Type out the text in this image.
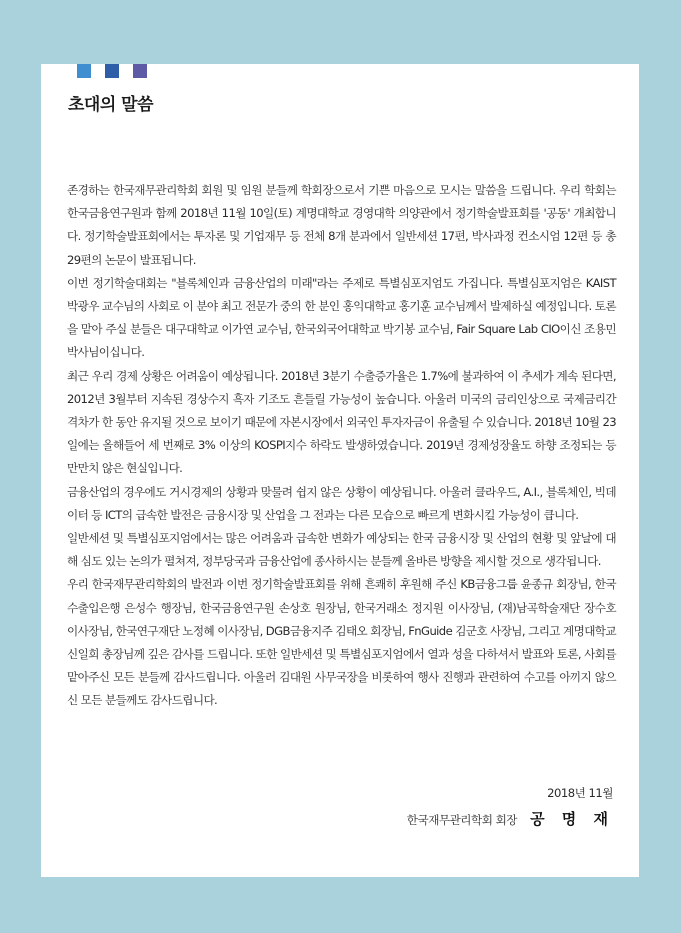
초대의 말씀

존경하는 한국재무관리학회 회원 및 임원 분들께 학회장으로서 기쁜 마음으로 모시는 말씀을 드립니다. 우리 학회는 한국금융연구원과 함께 2018년 11월 10일(토) 계명대학교 경영대학 의양관에서 정기학술발표회를 '공동' 개최합니다. 정기학술발표회에서는 투자론 및 기업재무 등 전체 8개 분과에서 일반세션 17편, 박사과정 컨소시엄 12편 등 총 29편의 논문이 발표됩니다.

이번 정기학술대회는 "블록체인과 금융산업의 미래"라는 주제로 특별심포지엄도 가집니다. 특별심포지엄은 KAIST 박광우 교수님의 사회로 이 분야 최고 전문가 중의 한 분인 홍익대학교 홍기훈 교수님께서 발제하실 예정입니다. 토론을 맡아 주실 분들은 대구대학교 이가연 교수님, 한국외국어대학교 박기봉 교수님, Fair Square Lab CIO이신 조용민 박사님이십니다.

최근 우리 경제 상황은 어려움이 예상됩니다. 2018년 3분기 수출증가율은 1.7%에 불과하여 이 추세가 계속 된다면, 2012년 3월부터 지속된 경상수지 흑자 기조도 흔들릴 가능성이 높습니다. 아울러 미국의 금리인상으로 국제금리간 격차가 한 동안 유지될 것으로 보이기 때문에 자본시장에서 외국인 투자자금이 유출될 수 있습니다. 2018년 10월 23일에는 올해들어 세 번째로 3% 이상의 KOSPI지수 하락도 발생하였습니다. 2019년 경제성장율도 하향 조정되는 등 만만치 않은 현실입니다.

금융산업의 경우에도 거시경제의 상황과 맞물려 쉽지 않은 상황이 예상됩니다. 아울러 클라우드, A.I., 블록체인, 빅데이터 등 ICT의 급속한 발전은 금융시장 및 산업을 그 전과는 다른 모습으로 빠르게 변화시킬 가능성이 큽니다.

일반세션 및 특별심포지엄에서는 많은 어려움과 급속한 변화가 예상되는 한국 금융시장 및 산업의 현황 및 앞날에 대해 심도 있는 논의가 펼쳐져, 정부당국과 금융산업에 종사하시는 분들께 올바른 방향을 제시할 것으로 생각됩니다.

우리 한국재무관리학회의 발전과 이번 정기학술발표회를 위해 흔쾌히 후원해 주신 KB금융그룹 윤종규 회장님, 한국수출입은행 은성수 행장님, 한국금융연구원 손상호 원장님, 한국거래소 정지원 이사장님, (재)남곡학술재단 장수호 이사장님, 한국연구재단 노정혜 이사장님, DGB금융지주 김태오 회장님, FnGuide 김군호 사장님, 그리고 계명대학교 신일희 총장님께 깊은 감사를 드립니다. 또한 일반세션 및 특별심포지엄에서 열과 성을 다하셔서 발표와 토론, 사회를 맡아주신 모든 분들께 감사드립니다. 아울러 김대원 사무국장을 비롯하여 행사 진행과 관련하여 수고를 아끼지 않으신 모든 분들께도 감사드립니다.

2018년 11월
한국재무관리학회 회장 공 명 재
